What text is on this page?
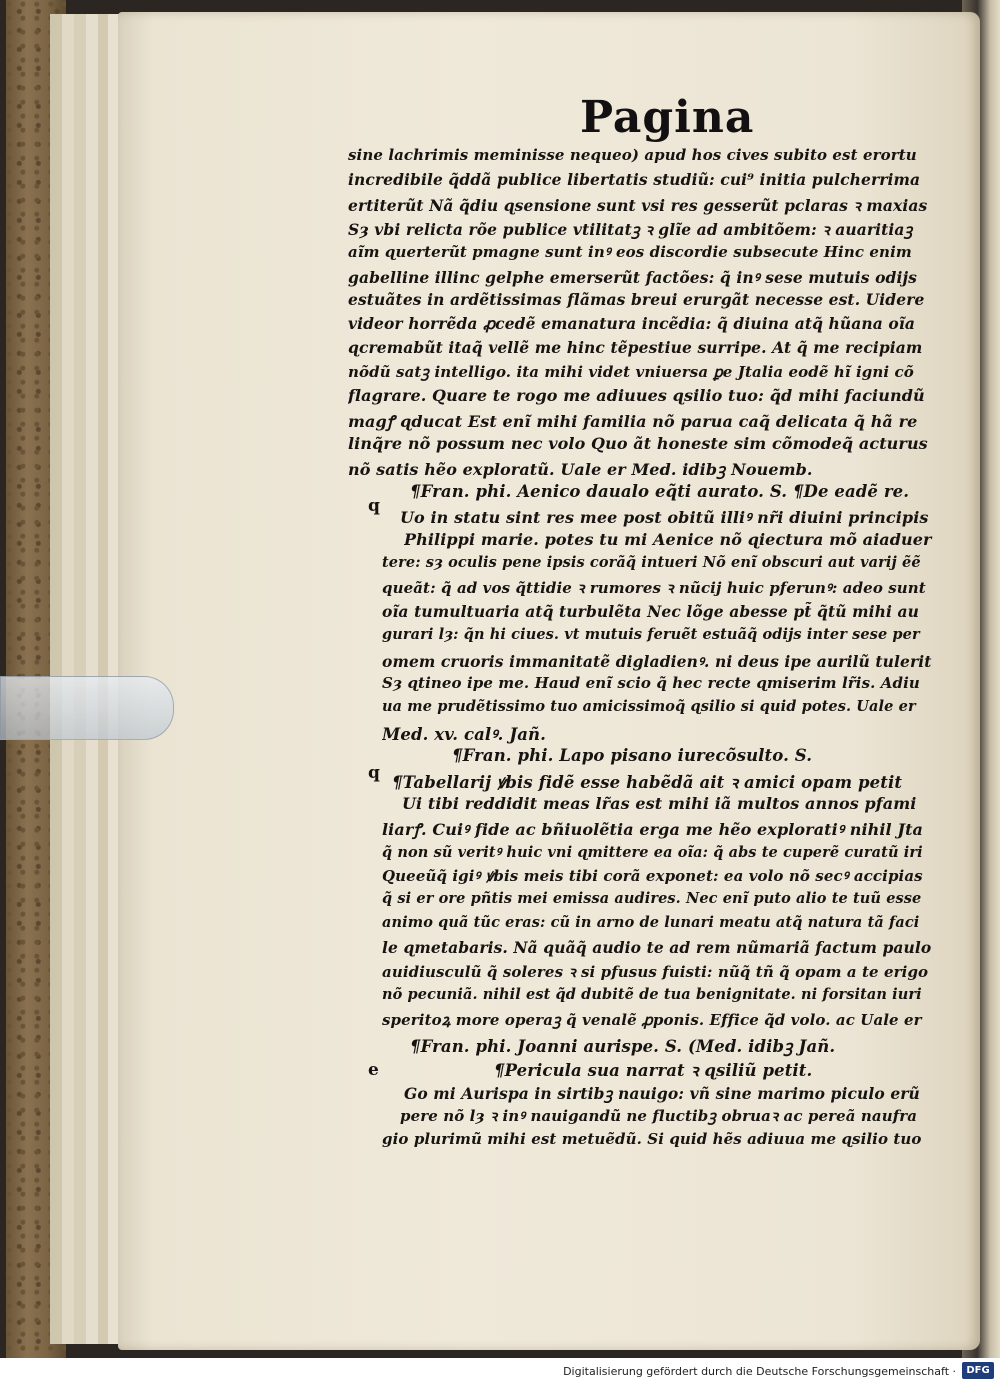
Pagina
sine lachrimis meminisse nequeo) apud hos cives subito est erortu
incredibile q̃ddã publice libertatis studiũ: cui⁹ initia pulcherrima
ertiterũt Nã q̃diu ɋsensione sunt vsi res gesserũt pclaras ꝛ maxias
Sȝ vbi relicta rõe publice vtilitatꝫ ꝛ glĩe ad ambitõem: ꝛ auaritiaꝫ
aĩm ɋuerterũt pmagne sunt inꝰ eos discordie subsecute Hinc enim
gabelline illinc gelphe emerserũt factões: q̃ inꝰ sese mutuis odijs
estuãtes in ardẽtissimas flãmas breui erurgãt necesse est. Uidere
videor horrẽda ꝓcedẽ emanatura incẽdia: q̃ diuina atq̃ hũana oĩa
ɋcremabũt itaq̃ vellẽ me hinc tẽpestiue surripe. At q̃ me recipiam
nõdũ satꝫ intelligo. ita mihi videt vniuersa ꝑe Jtalia eodẽ hĩ igni cõ
flagrare. Quare te rogo me adiuues ɋsilio tuo: q̃d mihi faciundũ
magꝭ ɋducat Est enĩ mihi familia nõ parua caq̃ delicata q̃ hã re
linq̃re nõ possum nec volo Quo ãt honeste sim cõmodeq̃ acturus
nõ satis hẽo exploratũ. Uale er Med. idibꝫ Nouemb.
¶Fran. phi. Aenico daualo eq̃ti aurato. S. ¶De eadẽ re.
Uo in statu sint res mee post obitũ illiꝰ nr̃i diuini principis
Philippi marie. potes tu mi Aenice nõ ɋiectura mõ aiaduer
tere: sȝ oculis pene ipsis corãq̃ intueri Nõ enĩ obscuri aut varij ẽẽ
queãt: q̃ ad vos q̃ttidie ꝛ rumores ꝛ nũcij huic pferunꝰ: adeo sunt
oĩa tumultuaria atq̃ turbulẽta Nec lõge abesse pt̃ q̃tũ mihi au
gurari lȝ: q̃n hi ciues. vt mutuis feruẽt estuãq̃ odijs inter sese per
omem cruoris immanitatẽ digladienꝰ. ni deus ipe aurilũ tulerit
Sȝ ɋtineo ipe me. Haud enĩ scio q̃ hec recte ɋmiserim lr̃is. Adiu
ua me prudẽtissimo tuo amicissimoq̃ ɋsilio si quid potes. Uale er
Med. xv. calꝰ. Jañ.
¶Fran. phi. Lapo pisano iurecõsulto. S.
¶Tabellarij ꝟbis fidẽ esse habẽdã ait ꝛ amici opam petit
Ui tibi reddidit meas lr̃as est mihi iã multos annos pfami
liarꝭ. Cuiꝰ fide ac bñiuolẽtia erga me hẽo exploratiꝰ nihil Jta
q̃ non sũ veritꝰ huic vni ɋmittere ea oĩa: q̃ abs te cuperẽ curatũ iri
Queeũq̃ igiꝰ ꝟbis meis tibi corã exponet: ea volo nõ secꝰ accipias
q̃ si er ore pñtis mei emissa audires. Nec enĩ puto alio te tuũ esse
animo quã tũc eras: cũ in arno de lunari meatu atq̃ natura tã faci
le ɋmetabaris. Nã quãq̃ audio te ad rem nũmariã factum paulo
auidiusculũ q̃ soleres ꝛ si pfusus fuisti: nũq̃ tñ q̃ opam a te erigo
nõ pecuniã. nihil est q̃d dubitẽ de tua benignitate. ni forsitan iuri
speritoꝝ more operaꝫ q̃ venalẽ ꝓponis. Effice q̃d volo. ac Uale er
¶Fran. phi. Joanni aurispe. S. (Med. idibꝫ Jañ.
¶Pericula sua narrat ꝛ ɋsiliũ petit.
Go mi Aurispa in sirtibꝫ nauigo: vñ sine marimo piculo erũ
pere nõ lȝ ꝛ inꝰ nauigandũ ne fluctibꝫ obruaꝛ ac pereã naufra
gio plurimũ mihi est metuẽdũ. Si quid hẽs adiuua me ɋsilio tuo
q
q
e
Digitalisierung gefördert durch die Deutsche Forschungsgemeinschaft ·	DFG
